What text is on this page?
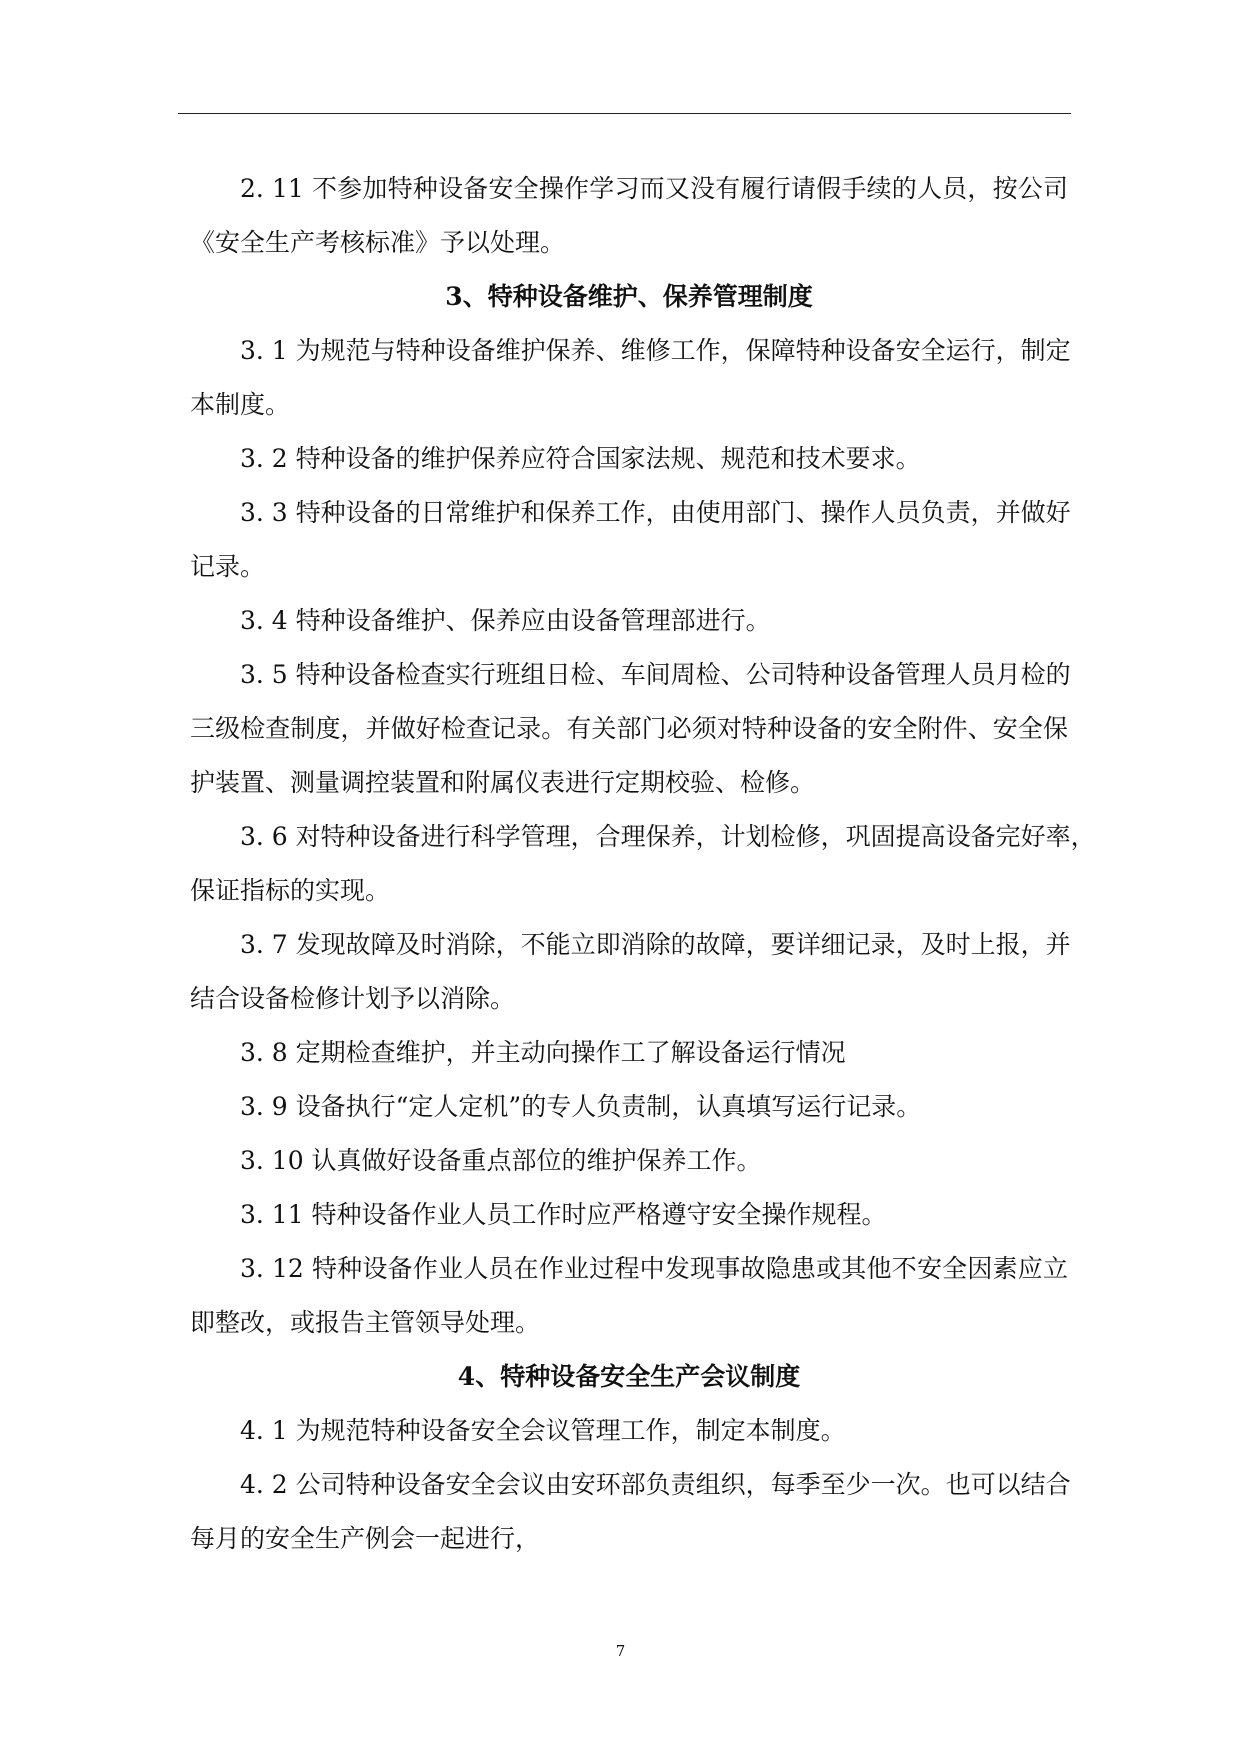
2. 11 不参加特种设备安全操作学习而又没有履行请假手续的人员，按公司
《安全生产考核标准》予以处理。
3、特种设备维护、保养管理制度
3. 1 为规范与特种设备维护保养、维修工作，保障特种设备安全运行，制定
本制度。
3. 2 特种设备的维护保养应符合国家法规、规范和技术要求。
3. 3 特种设备的日常维护和保养工作，由使用部门、操作人员负责，并做好
记录。
3. 4 特种设备维护、保养应由设备管理部进行。
3. 5 特种设备检查实行班组日检、车间周检、公司特种设备管理人员月检的
三级检查制度，并做好检查记录。有关部门必须对特种设备的安全附件、安全保
护装置、测量调控装置和附属仪表进行定期校验、检修。
3. 6 对特种设备进行科学管理，合理保养，计划检修，巩固提高设备完好率，
保证指标的实现。
3. 7 发现故障及时消除，不能立即消除的故障，要详细记录，及时上报，并
结合设备检修计划予以消除。
3. 8 定期检查维护，并主动向操作工了解设备运行情况
3. 9 设备执行“定人定机”的专人负责制，认真填写运行记录。
3. 10 认真做好设备重点部位的维护保养工作。
3. 11 特种设备作业人员工作时应严格遵守安全操作规程。
3. 12 特种设备作业人员在作业过程中发现事故隐患或其他不安全因素应立
即整改，或报告主管领导处理。
4、特种设备安全生产会议制度
4. 1 为规范特种设备安全会议管理工作，制定本制度。
4. 2 公司特种设备安全会议由安环部负责组织，每季至少一次。也可以结合
每月的安全生产例会一起进行，
7
